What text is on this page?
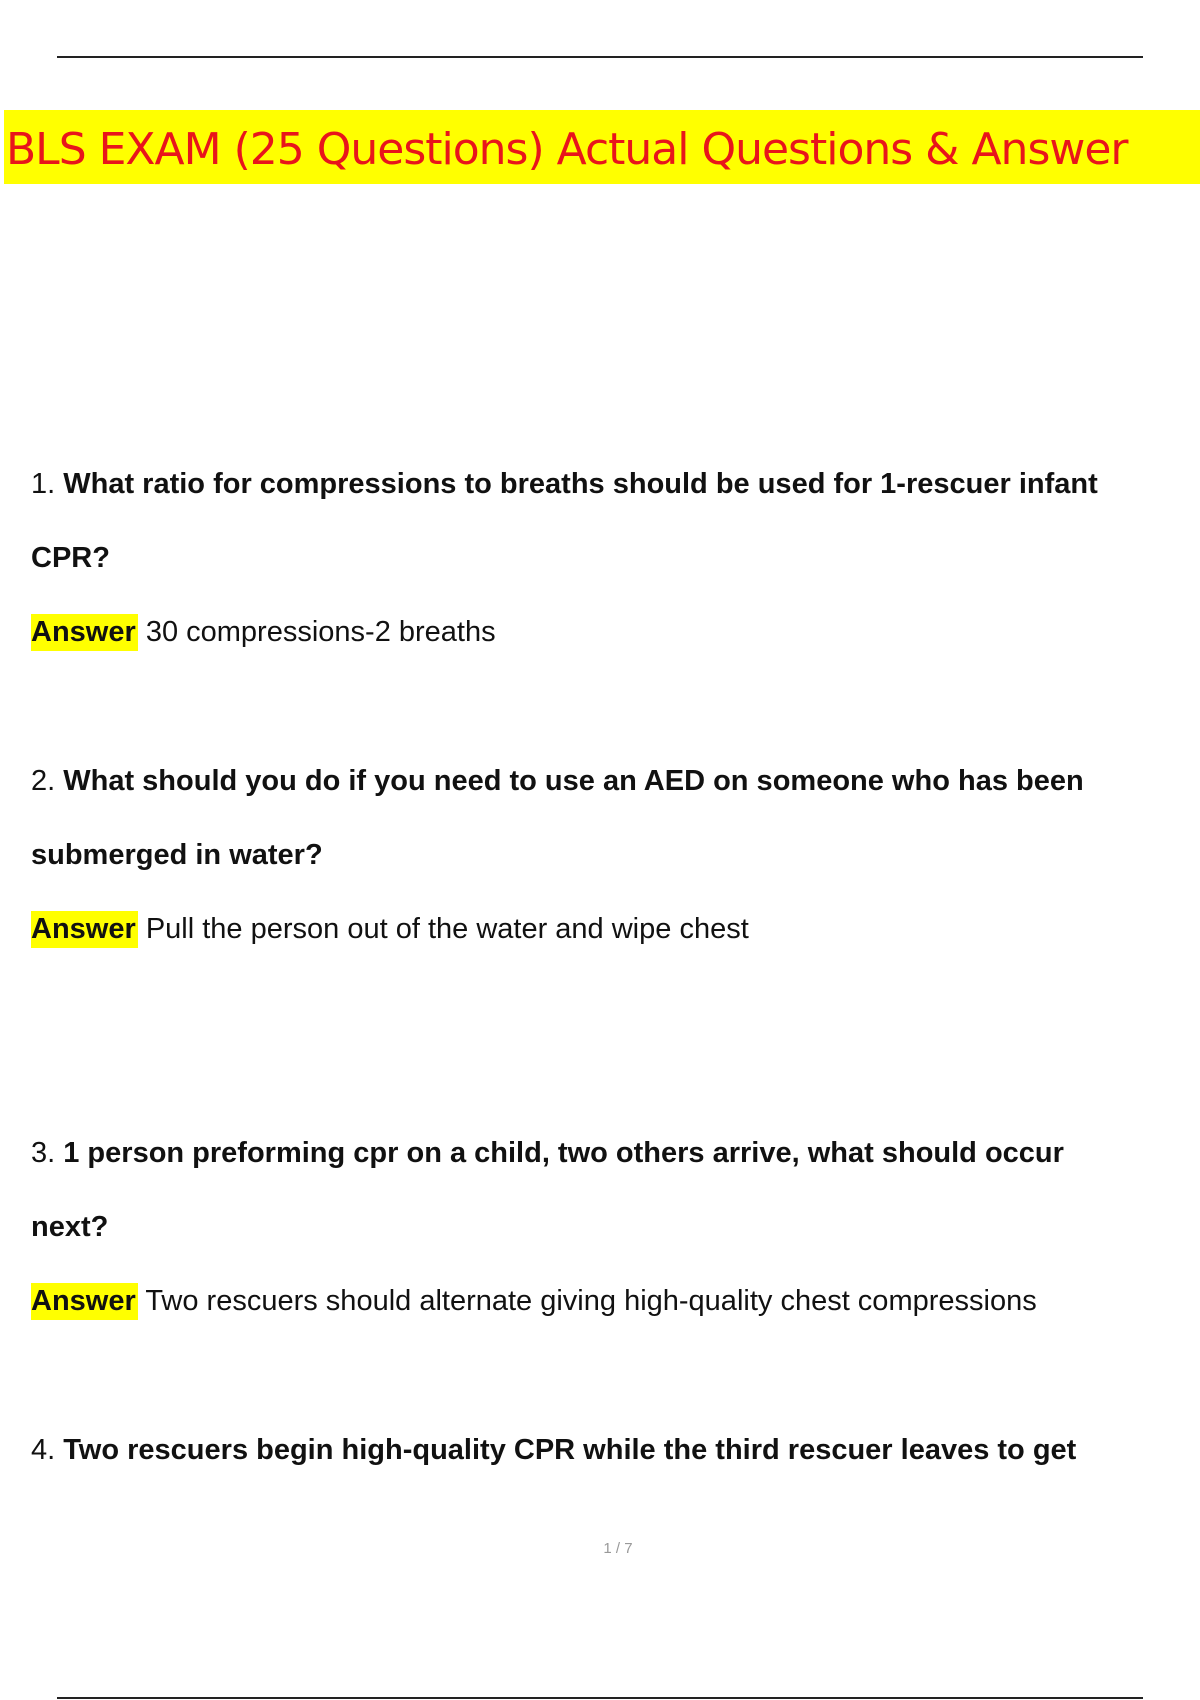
BLS EXAM (25 Questions) Actual Questions & Answer
1. What ratio for compressions to breaths should be used for 1-rescuer infant
CPR?
Answer 30 compressions-2 breaths
2. What should you do if you need to use an AED on someone who has been
submerged in water?
Answer Pull the person out of the water and wipe chest
3. 1 person preforming cpr on a child, two others arrive, what should occur
next?
Answer Two rescuers should alternate giving high-quality chest compressions
4. Two rescuers begin high-quality CPR while the third rescuer leaves to get
1 / 7
